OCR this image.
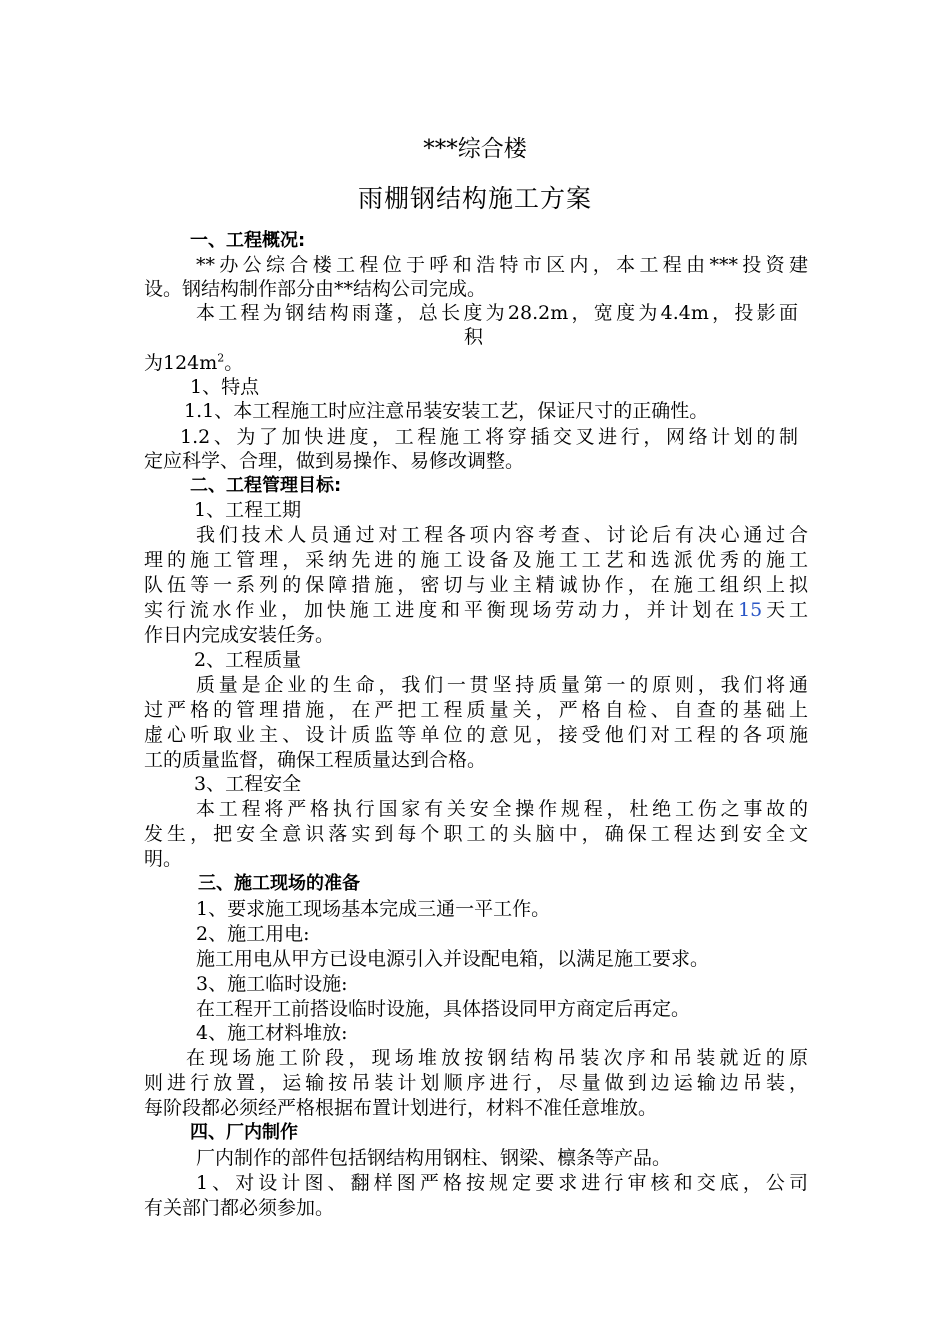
***综合楼
雨棚钢结构施工方案
一、工程概况:
**办公综合楼工程位于呼和浩特市区内，本工程由***投资建
设。钢结构制作部分由**结构公司完成。
本工程为钢结构雨蓬，总长度为28.2m，宽度为4.4m，投影面
积
为$124m^2$。
1、特点
1.1、本工程施工时应注意吊装安装工艺，保证尺寸的正确性。
1.2、为了加快进度，工程施工将穿插交叉进行，网络计划的制
定应科学、合理，做到易操作、易修改调整。
二、工程管理目标:
1、工程工期
我们技术人员通过对工程各项内容考查、讨论后有决心通过合
理的施工管理，采纳先进的施工设备及施工工艺和选派优秀的施工
队伍等一系列的保障措施，密切与业主精诚协作，在施工组织上拟
实行流水作业，加快施工进度和平衡现场劳动力，并计划在15天工
作日内完成安装任务。
2、工程质量
质量是企业的生命，我们一贯坚持质量第一的原则，我们将通
过严格的管理措施，在严把工程质量关，严格自检、自查的基础上
虚心听取业主、设计质监等单位的意见，接受他们对工程的各项施
工的质量监督，确保工程质量达到合格。
3、工程安全
本工程将严格执行国家有关安全操作规程，杜绝工伤之事故的
发生，把安全意识落实到每个职工的头脑中，确保工程达到安全文
明。
三、施工现场的准备
1、要求施工现场基本完成三通一平工作。
2、施工用电:
施工用电从甲方已设电源引入并设配电箱，以满足施工要求。
3、施工临时设施:
在工程开工前搭设临时设施，具体搭设同甲方商定后再定。
4、施工材料堆放:
在现场施工阶段，现场堆放按钢结构吊装次序和吊装就近的原
则进行放置，运输按吊装计划顺序进行，尽量做到边运输边吊装，
每阶段都必须经严格根据布置计划进行，材料不准任意堆放。
四、厂内制作
厂内制作的部件包括钢结构用钢柱、钢梁、檩条等产品。
1、对设计图、翻样图严格按规定要求进行审核和交底，公司
有关部门都必须参加。
